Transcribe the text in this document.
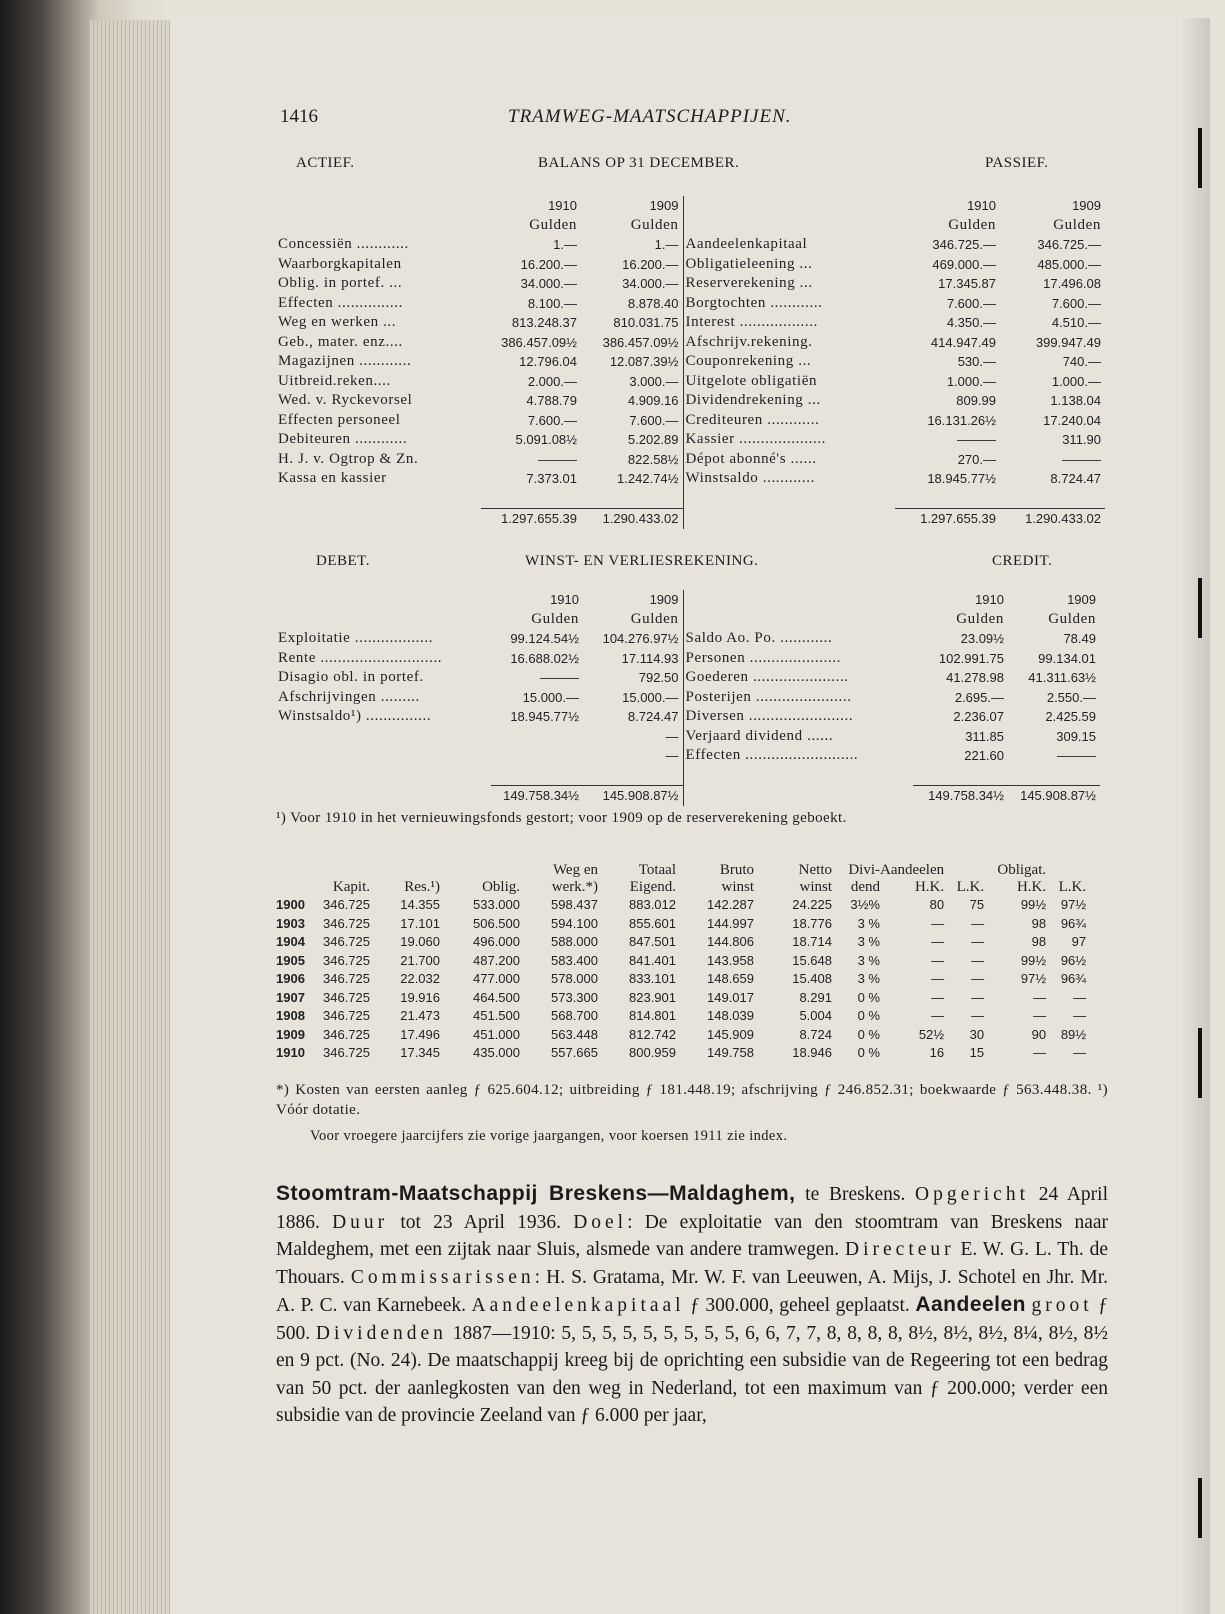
1416	TRAMWEG-MAATSCHAPPIJEN.
ACTIEF.	BALANS OP 31 DECEMBER.	PASSIEF.
	1910	1909		1910	1909
	Gulden	Gulden		Gulden	Gulden
Concessiën ............	1.—	1.—	Aandeelenkapitaal	346.725.—	346.725.—
Waarborgkapitalen	16.200.—	16.200.—	Obligatieleening ...	469.000.—	485.000.—
Oblig. in portef. ...	34.000.—	34.000.—	Reserverekening ...	17.345.87	17.496.08
Effecten ...............	8.100.—	8.878.40	Borgtochten ............	7.600.—	7.600.—
Weg en werken ...	813.248.37	810.031.75	Interest ..................	4.350.—	4.510.—
Geb., mater. enz....	386.457.09½	386.457.09½	Afschrijv.rekening.	414.947.49	399.947.49
Magazijnen ............	12.796.04	12.087.39½	Couponrekening ...	530.—	740.—
Uitbreid.reken....	2.000.—	3.000.—	Uitgelote obligatiën	1.000.—	1.000.—
Wed. v. Ryckevorsel	4.788.79	4.909.16	Dividendrekening ...	809.99	1.138.04
Effecten personeel	7.600.—	7.600.—	Crediteuren ............	16.131.26½	17.240.04
Debiteuren ............	5.091.08½	5.202.89	Kassier ....................	———	311.90
H. J. v. Ogtrop & Zn.	———	822.58½	Dépot abonné's ......	270.—	———
Kassa en kassier	7.373.01	1.242.74½	Winstsaldo ............	18.945.77½	8.724.47

	1.297.655.39	1.290.433.02		1.297.655.39	1.290.433.02
DEBET.	WINST- EN VERLIESREKENING.	CREDIT.
	1910	1909		1910	1909
	Gulden	Gulden		Gulden	Gulden
Exploitatie ..................	99.124.54½	104.276.97½	Saldo Ao. Po. ............	23.09½	78.49
Rente ............................	16.688.02½	17.114.93	Personen .....................	102.991.75	99.134.01
Disagio obl. in portef.	———	792.50	Goederen ......................	41.278.98	41.311.63½
Afschrijvingen .........	15.000.—	15.000.—	Posterijen ......................	2.695.—	2.550.—
Winstsaldo¹) ...............	18.945.77½	8.724.47	Diversen ........................	2.236.07	2.425.59
		—	Verjaard dividend ......	311.85	309.15
		—	Effecten ..........................	221.60	———

	149.758.34½	145.908.87½		149.758.34½	145.908.87½
¹) Voor 1910 in het vernieuwingsfonds gestort; voor 1909 op de reserverekening geboekt.
				Weg en	Totaal	Bruto	Netto	Divi-	Aandeelen		Obligat.	
	Kapit.	Res.¹)	Oblig.	werk.*)	Eigend.	winst	winst	dend	H.K.	L.K.	H.K.	L.K.
1900	346.725	14.355	533.000	598.437	883.012	142.287	24.225	3½%	80	75	99½	97½
1903	346.725	17.101	506.500	594.100	855.601	144.997	18.776	3 %	—	—	98	96¾
1904	346.725	19.060	496.000	588.000	847.501	144.806	18.714	3 %	—	—	98	97
1905	346.725	21.700	487.200	583.400	841.401	143.958	15.648	3 %	—	—	99½	96½
1906	346.725	22.032	477.000	578.000	833.101	148.659	15.408	3 %	—	—	97½	96¾
1907	346.725	19.916	464.500	573.300	823.901	149.017	8.291	0 %	—	—	—	—
1908	346.725	21.473	451.500	568.700	814.801	148.039	5.004	0 %	—	—	—	—
1909	346.725	17.496	451.000	563.448	812.742	145.909	8.724	0 %	52½	30	90	89½
1910	346.725	17.345	435.000	557.665	800.959	149.758	18.946	0 %	16	15	—	—
*) Kosten van eersten aanleg ƒ 625.604.12; uitbreiding ƒ 181.448.19; afschrijving ƒ 246.852.31; boekwaarde ƒ 563.448.38. ¹) Vóór dotatie.
Voor vroegere jaarcijfers zie vorige jaargangen, voor koersen 1911 zie index.

Stoomtram-Maatschappij Breskens—Maldaghem, te Breskens. Opgericht 24 April 1886. Duur tot 23 April 1936. Doel: De exploitatie van den stoomtram van Breskens naar Maldeghem, met een zijtak naar Sluis, alsmede van andere tramwegen. Directeur E. W. G. L. Th. de Thouars. Commissarissen: H. S. Gratama, Mr. W. F. van Leeuwen, A. Mijs, J. Schotel en Jhr. Mr. A. P. C. van Karnebeek. Aandeelenkapitaal ƒ 300.000, geheel geplaatst. Aandeelen groot ƒ 500. Dividenden 1887—1910: 5, 5, 5, 5, 5, 5, 5, 5, 5, 6, 6, 7, 7, 8, 8, 8, 8, 8½, 8½, 8½, 8¼, 8½, 8½ en 9 pct. (No. 24). De maatschappij kreeg bij de oprichting een subsidie van de Regeering tot een bedrag van 50 pct. der aanlegkosten van den weg in Nederland, tot een maximum van ƒ 200.000; verder een subsidie van de provincie Zeeland van ƒ 6.000 per jaar,
